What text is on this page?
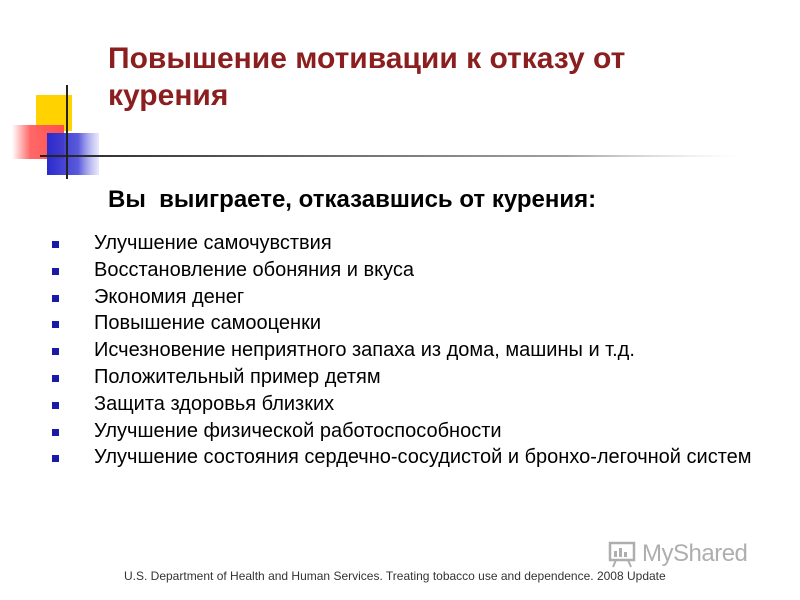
Повышение мотивации к отказу от курения
Вы  выиграете, отказавшись от курения:
Улучшение самочувствия
Восстановление обоняния и вкуса
Экономия денег
Повышение самооценки
Исчезновение неприятного запаха из дома, машины и т.д.
Положительный пример детям
Защита здоровья близких
Улучшение физической работоспособности
Улучшение состояния сердечно-сосудистой и бронхо-легочной систем
MyShared

U.S. Department of Health and Human Services. Treating tobacco use and dependence. 2008 Update
